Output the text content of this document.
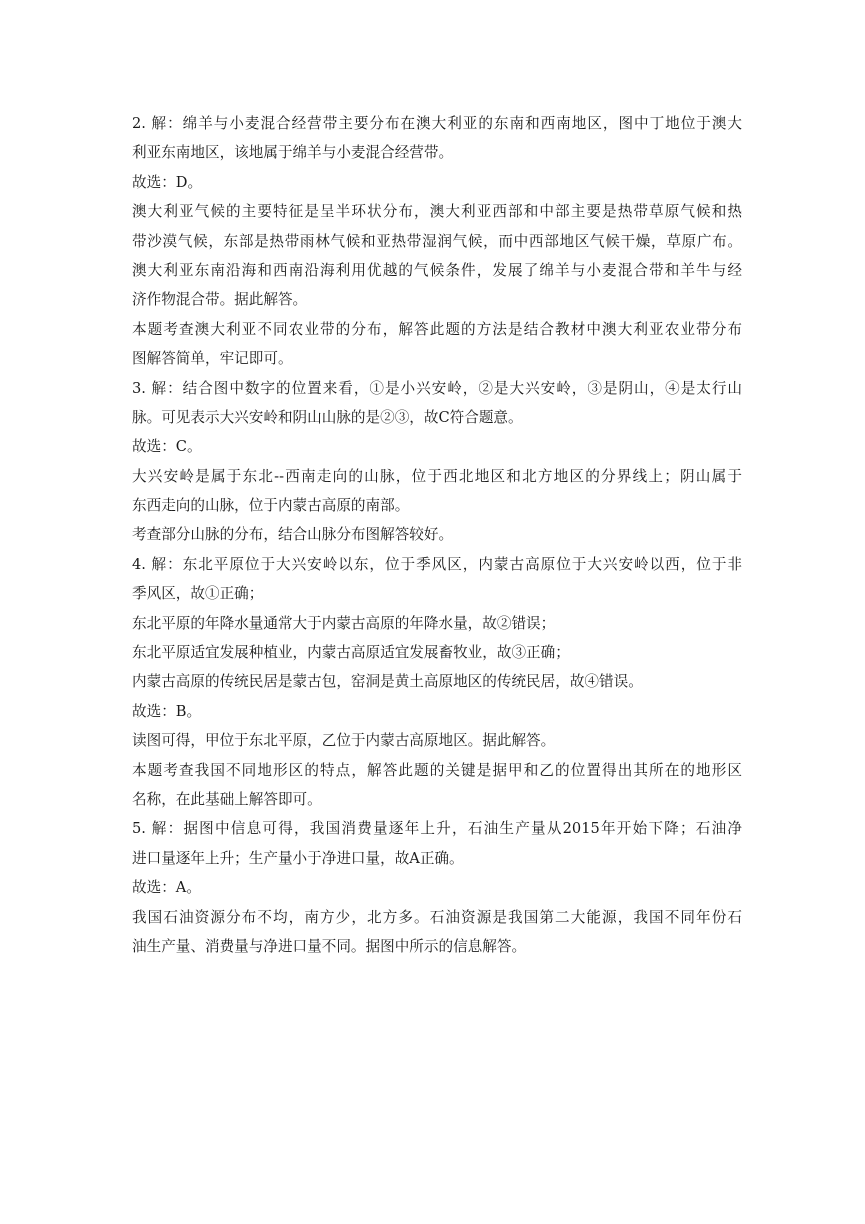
2. 解：绵羊与小麦混合经营带主要分布在澳大利亚的东南和西南地区，图中丁地位于澳大
利亚东南地区，该地属于绵羊与小麦混合经营带。
故选：D。
澳大利亚气候的主要特征是呈半环状分布，澳大利亚西部和中部主要是热带草原气候和热
带沙漠气候，东部是热带雨林气候和亚热带湿润气候，而中西部地区气候干燥，草原广布。
澳大利亚东南沿海和西南沿海利用优越的气候条件，发展了绵羊与小麦混合带和羊牛与经
济作物混合带。据此解答。
本题考查澳大利亚不同农业带的分布，解答此题的方法是结合教材中澳大利亚农业带分布
图解答简单，牢记即可。
3. 解：结合图中数字的位置来看，①是小兴安岭，②是大兴安岭，③是阴山，④是太行山
脉。可见表示大兴安岭和阴山山脉的是②③，故C符合题意。
故选：C。
大兴安岭是属于东北--西南走向的山脉，位于西北地区和北方地区的分界线上；阴山属于
东西走向的山脉，位于内蒙古高原的南部。
考查部分山脉的分布，结合山脉分布图解答较好。
4. 解：东北平原位于大兴安岭以东，位于季风区，内蒙古高原位于大兴安岭以西，位于非
季风区，故①正确；
东北平原的年降水量通常大于内蒙古高原的年降水量，故②错误；
东北平原适宜发展种植业，内蒙古高原适宜发展畜牧业，故③正确；
内蒙古高原的传统民居是蒙古包，窑洞是黄土高原地区的传统民居，故④错误。
故选：B。
读图可得，甲位于东北平原，乙位于内蒙古高原地区。据此解答。
本题考查我国不同地形区的特点，解答此题的关键是据甲和乙的位置得出其所在的地形区
名称，在此基础上解答即可。
5. 解：据图中信息可得，我国消费量逐年上升，石油生产量从2015年开始下降；石油净
进口量逐年上升；生产量小于净进口量，故A正确。
故选：A。
我国石油资源分布不均，南方少，北方多。石油资源是我国第二大能源，我国不同年份石
油生产量、消费量与净进口量不同。据图中所示的信息解答。
